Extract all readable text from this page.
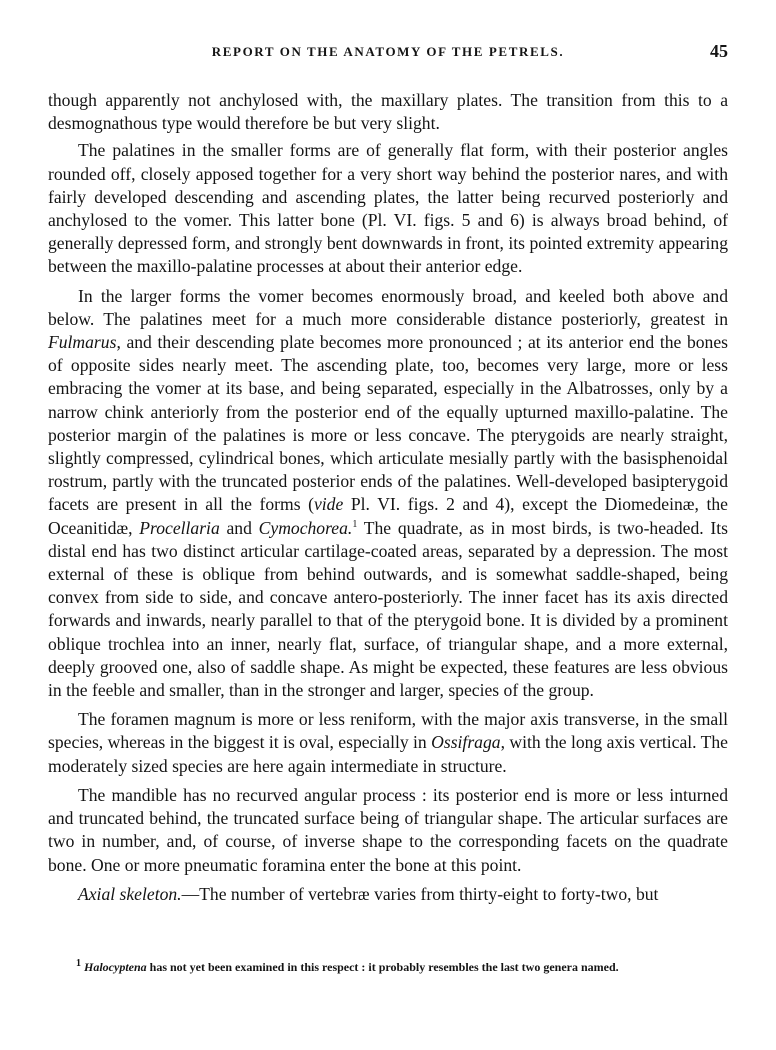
REPORT ON THE ANATOMY OF THE PETRELS.	45

though apparently not anchylosed with, the maxillary plates. The transition from this to a desmognathous type would therefore be but very slight.

The palatines in the smaller forms are of generally flat form, with their posterior angles rounded off, closely apposed together for a very short way behind the posterior nares, and with fairly developed descending and ascending plates, the latter being recurved posteriorly and anchylosed to the vomer. This latter bone (Pl. VI. figs. 5 and 6) is always broad behind, of generally depressed form, and strongly bent downwards in front, its pointed extremity appearing between the maxillo-palatine processes at about their anterior edge.

In the larger forms the vomer becomes enormously broad, and keeled both above and below. The palatines meet for a much more considerable distance posteriorly, greatest in Fulmarus, and their descending plate becomes more pronounced ; at its anterior end the bones of opposite sides nearly meet. The ascending plate, too, becomes very large, more or less embracing the vomer at its base, and being separated, especially in the Albatrosses, only by a narrow chink anteriorly from the posterior end of the equally upturned maxillo-palatine. The posterior margin of the palatines is more or less concave. The pterygoids are nearly straight, slightly compressed, cylindrical bones, which articulate mesially partly with the basisphenoidal rostrum, partly with the truncated posterior ends of the palatines. Well-developed basipterygoid facets are present in all the forms (vide Pl. VI. figs. 2 and 4), except the Diomedeinæ, the Oceanitidæ, Procellaria and Cymochorea.$^1$ The quadrate, as in most birds, is two-headed. Its distal end has two distinct articular cartilage-coated areas, separated by a depression. The most external of these is oblique from behind outwards, and is somewhat saddle-shaped, being convex from side to side, and concave antero-posteriorly. The inner facet has its axis directed forwards and inwards, nearly parallel to that of the pterygoid bone. It is divided by a prominent oblique trochlea into an inner, nearly flat, surface, of triangular shape, and a more external, deeply grooved one, also of saddle shape. As might be expected, these features are less obvious in the feeble and smaller, than in the stronger and larger, species of the group.

The foramen magnum is more or less reniform, with the major axis transverse, in the small species, whereas in the biggest it is oval, especially in Ossifraga, with the long axis vertical. The moderately sized species are here again intermediate in structure.

The mandible has no recurved angular process : its posterior end is more or less inturned and truncated behind, the truncated surface being of triangular shape. The articular surfaces are two in number, and, of course, of inverse shape to the corresponding facets on the quadrate bone. One or more pneumatic foramina enter the bone at this point.

Axial skeleton.—The number of vertebræ varies from thirty-eight to forty-two, but

$^1$ Halocyptena has not yet been examined in this respect : it probably resembles the last two genera named.
